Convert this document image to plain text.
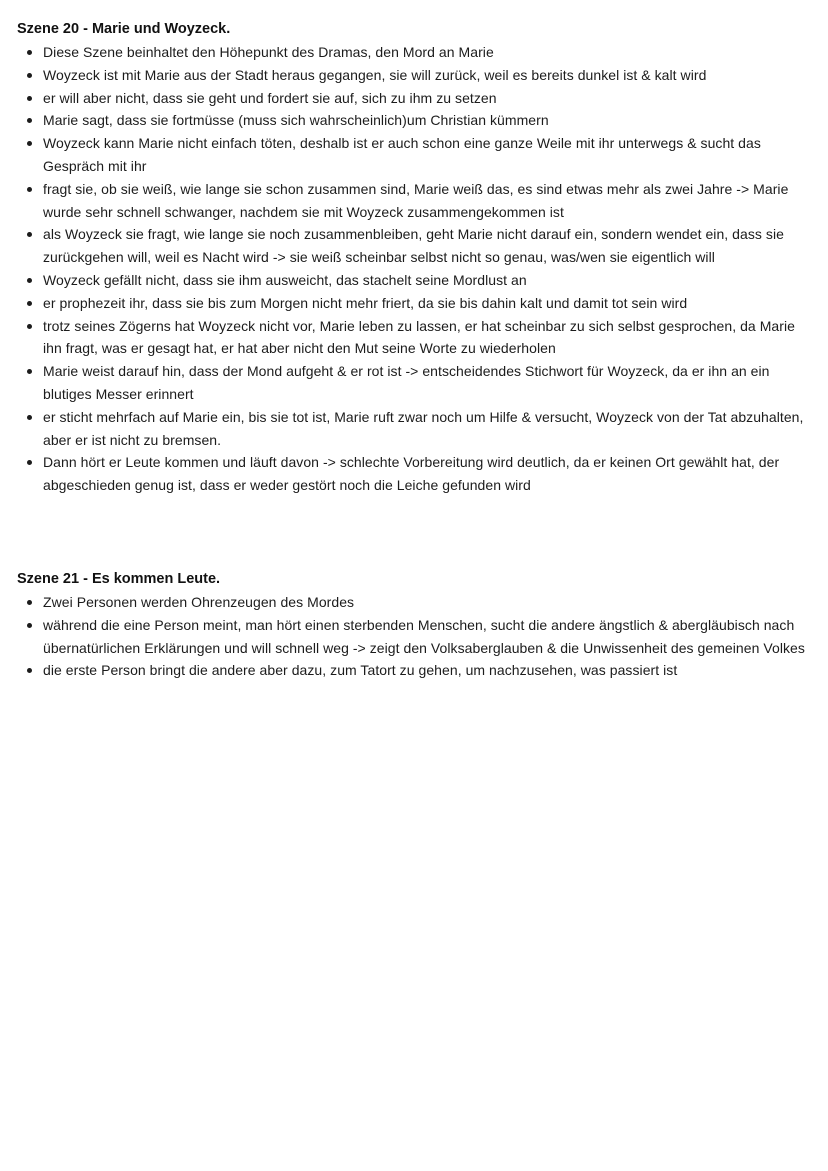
Szene 20 - Marie und Woyzeck.
Diese Szene beinhaltet den Höhepunkt des Dramas, den Mord an Marie
Woyzeck ist mit Marie aus der Stadt heraus gegangen, sie will zurück, weil es bereits dunkel ist & kalt wird
er will aber nicht, dass sie geht und fordert sie auf, sich zu ihm zu setzen
Marie sagt, dass sie fortmüsse (muss sich wahrscheinlich)um Christian kümmern
Woyzeck kann Marie nicht einfach töten, deshalb ist er auch schon eine ganze Weile mit ihr unterwegs & sucht das Gespräch mit ihr
fragt sie, ob sie weiß, wie lange sie schon zusammen sind, Marie weiß das, es sind etwas mehr als zwei Jahre -> Marie wurde sehr schnell schwanger, nachdem sie mit Woyzeck zusammengekommen ist
als Woyzeck sie fragt, wie lange sie noch zusammenbleiben, geht Marie nicht darauf ein, sondern wendet ein, dass sie zurückgehen will, weil es Nacht wird -> sie weiß scheinbar selbst nicht so genau, was/wen sie eigentlich will
Woyzeck gefällt nicht, dass sie ihm ausweicht, das stachelt seine Mordlust an
er prophezeit ihr, dass sie bis zum Morgen nicht mehr friert, da sie bis dahin kalt und damit tot sein wird
trotz seines Zögerns hat Woyzeck nicht vor, Marie leben zu lassen, er hat scheinbar zu sich selbst gesprochen, da Marie ihn fragt, was er gesagt hat, er hat aber nicht den Mut seine Worte zu wiederholen
Marie weist darauf hin, dass der Mond aufgeht & er rot ist -> entscheidendes Stichwort für Woyzeck, da er ihn an ein blutiges Messer erinnert
er sticht mehrfach auf Marie ein, bis sie tot ist, Marie ruft zwar noch um Hilfe & versucht, Woyzeck von der Tat abzuhalten, aber er ist nicht zu bremsen.
Dann hört er Leute kommen und läuft davon -> schlechte Vorbereitung wird deutlich, da er keinen Ort gewählt hat, der abgeschieden genug ist, dass er weder gestört noch die Leiche gefunden wird
Szene 21 - Es kommen Leute.
Zwei Personen werden Ohrenzeugen des Mordes
während die eine Person meint, man hört einen sterbenden Menschen, sucht die andere ängstlich & abergläubisch nach übernatürlichen Erklärungen und will schnell weg -> zeigt den Volksaberglauben & die Unwissenheit des gemeinen Volkes
die erste Person bringt die andere aber dazu, zum Tatort zu gehen, um nachzusehen, was passiert ist
